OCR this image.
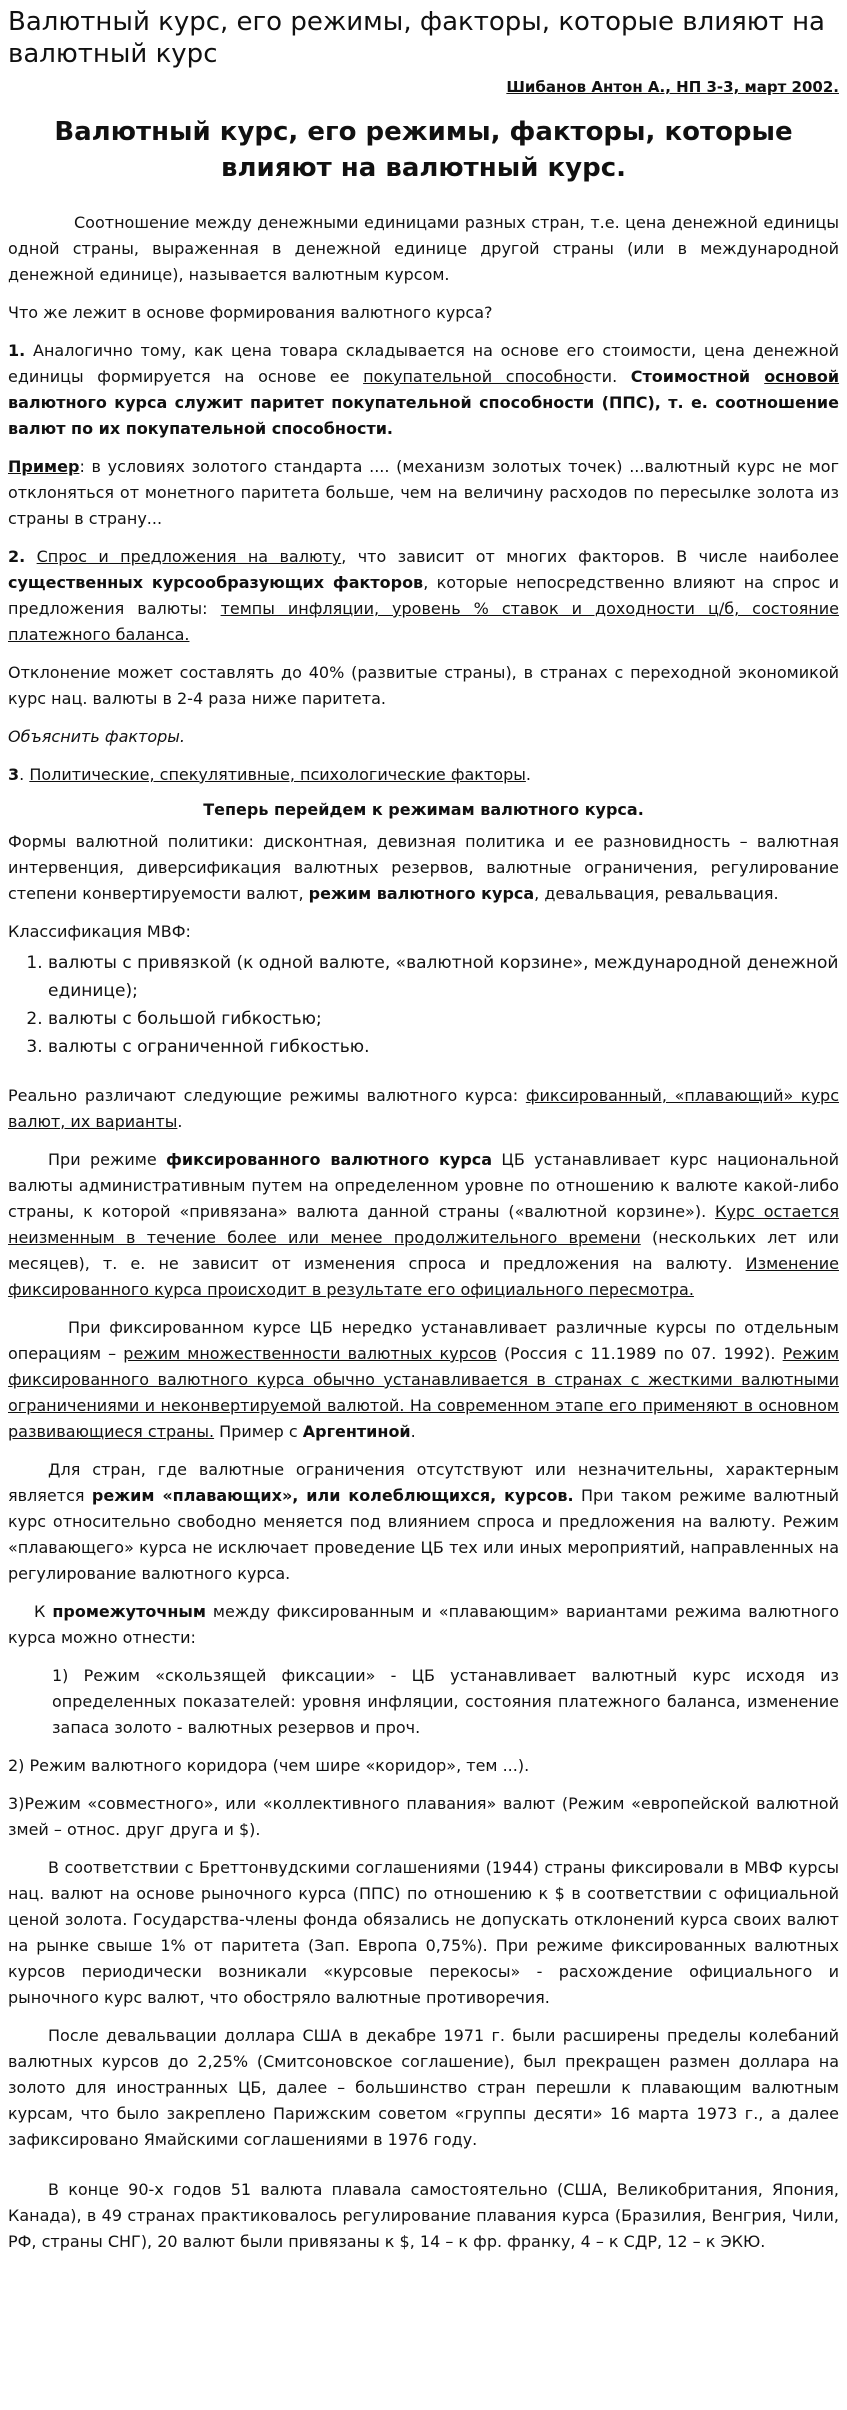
Валютный курс, его режимы, факторы, которые влияют на валютный курс
Шибанов Антон А., НП 3-3, март 2002.
Валютный курс, его режимы, факторы, которые влияют на валютный курс.

Соотношение между денежными единицами разных стран, т.е. цена денежной единицы одной страны, выраженная в денежной единице другой страны (или в международной денежной единице), называется валютным курсом.

Что же лежит в основе формирования валютного курса?

1. Аналогично тому, как цена товара складывается на основе его стоимости, цена денежной единицы формируется на основе ее покупательной способности. Стоимостной основой валютного курса служит паритет покупательной способности (ППС), т. е. соотношение валют по их покупательной способности.

Пример: в условиях золотого стандарта .... (механизм золотых точек) ...валютный курс не мог отклоняться от монетного паритета больше, чем на величину расходов по пересылке золота из страны в страну...

2. Спрос и предложения на валюту, что зависит от многих факторов. В числе наиболее существенных курсообразующих факторов, которые непосредственно влияют на спрос и предложения валюты: темпы инфляции, уровень % ставок и доходности ц/б, состояние платежного баланса.

Отклонение может составлять до 40% (развитые страны), в странах с переходной экономикой курс нац. валюты в 2-4 раза ниже паритета.

Объяснить факторы.

3. Политические, спекулятивные, психологические факторы.

Теперь перейдем к режимам валютного курса.

Формы валютной политики: дисконтная, девизная политика и ее разновидность – валютная интервенция, диверсификация валютных резервов, валютные ограничения, регулирование степени конвертируемости валют, режим валютного курса, девальвация, ревальвация.

Классификация МВФ:

1. валюты с привязкой (к одной валюте, «валютной корзине», международной денежной единице);
2. валюты с большой гибкостью;
3. валюты с ограниченной гибкостью.

Реально различают следующие режимы валютного курса: фиксированный, «плавающий» курс валют, их варианты.

При режиме фиксированного валютного курса ЦБ устанавливает курс национальной валюты административным путем на определенном уровне по отношению к валюте какой-либо страны, к которой «привязана» валюта данной страны («валютной корзине»). Курс остается неизменным в течение более или менее продолжительного времени (нескольких лет или месяцев), т. е. не зависит от изменения спроса и предложения на валюту. Изменение фиксированного курса происходит в результате его официального пересмотра.

При фиксированном курсе ЦБ нередко устанавливает различные курсы по отдельным операциям – режим множественности валютных курсов (Россия с 11.1989 по 07. 1992). Режим фиксированного валютного курса обычно устанавливается в странах с жесткими валютными ограничениями и неконвертируемой валютой. На современном этапе его применяют в основном развивающиеся страны. Пример с Аргентиной.

Для стран, где валютные ограничения отсутствуют или незначительны, характерным является режим «плавающих», или колеблющихся, курсов. При таком режиме валютный курс относительно свободно меняется под влиянием спроса и предложения на валюту. Режим «плавающего» курса не исключает проведение ЦБ тех или иных мероприятий, направленных на регулирование валютного курса.

К промежуточным между фиксированным и «плавающим» вариантами режима валютного курса можно отнести:

1) Режим «скользящей фиксации» - ЦБ устанавливает валютный курс исходя из определенных показателей: уровня инфляции, состояния платежного баланса, изменение запаса золото - валютных резервов и проч.

2) Режим валютного коридора (чем шире «коридор», тем ...).

3)Режим «совместного», или «коллективного плавания» валют (Режим «европейской валютной змей – относ. друг друга и $).

В соответствии с Бреттонвудскими соглашениями (1944) страны фиксировали в МВФ курсы нац. валют на основе рыночного курса (ППС) по отношению к $ в соответствии с официальной ценой золота. Государства-члены фонда обязались не допускать отклонений курса своих валют на рынке свыше 1% от паритета (Зап. Европа 0,75%). При режиме фиксированных валютных курсов периодически возникали «курсовые перекосы» - расхождение официального и рыночного курс валют, что обостряло валютные противоречия.

После девальвации доллара США в декабре 1971 г. были расширены пределы колебаний валютных курсов до 2,25% (Смитсоновское соглашение), был прекращен размен доллара на золото для иностранных ЦБ, далее – большинство стран перешли к плавающим валютным курсам, что было закреплено Парижским советом «группы десяти» 16 марта 1973 г., а далее зафиксировано Ямайскими соглашениями в 1976 году.

В конце 90-х годов 51 валюта плавала самостоятельно (США, Великобритания, Япония, Канада), в 49 странах практиковалось регулирование плавания курса (Бразилия, Венгрия, Чили, РФ, страны СНГ), 20 валют были привязаны к $, 14 – к фр. франку, 4 – к СДР, 12 – к ЭКЮ.
